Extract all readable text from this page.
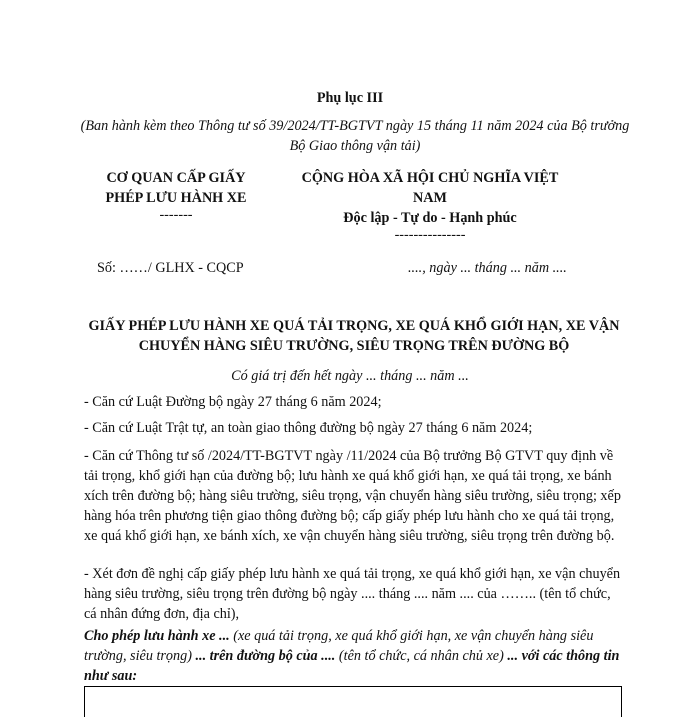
Phụ lục III
(Ban hành kèm theo Thông tư số 39/2024/TT-BGTVT ngày 15 tháng 11 năm 2024 của Bộ trưởng Bộ Giao thông vận tải)
CƠ QUAN CẤP GIẤY
PHÉP LƯU HÀNH XE
-------
CỘNG HÒA XÃ HỘI CHỦ NGHĨA VIỆT
NAM
Độc lập - Tự do - Hạnh phúc
---------------
Số: ……/ GLHX - CQCP	...., ngày ... tháng ... năm ....
GIẤY PHÉP LƯU HÀNH XE QUÁ TẢI TRỌNG, XE QUÁ KHỔ GIỚI HẠN, XE VẬN CHUYỂN HÀNG SIÊU TRƯỜNG, SIÊU TRỌNG TRÊN ĐƯỜNG BỘ
Có giá trị đến hết ngày ... tháng ... năm ...
- Căn cứ Luật Đường bộ ngày 27 tháng 6 năm 2024;
- Căn cứ Luật Trật tự, an toàn giao thông đường bộ ngày 27 tháng 6 năm 2024;
- Căn cứ Thông tư số /2024/TT-BGTVT ngày /11/2024 của Bộ trưởng Bộ GTVT quy định về tải trọng, khổ giới hạn của đường bộ; lưu hành xe quá khổ giới hạn, xe quá tải trọng, xe bánh xích trên đường bộ; hàng siêu trường, siêu trọng, vận chuyển hàng siêu trường, siêu trọng; xếp hàng hóa trên phương tiện giao thông đường bộ; cấp giấy phép lưu hành cho xe quá tải trọng, xe quá khổ giới hạn, xe bánh xích, xe vận chuyển hàng siêu trường, siêu trọng trên đường bộ.
- Xét đơn đề nghị cấp giấy phép lưu hành xe quá tải trọng, xe quá khổ giới hạn, xe vận chuyển hàng siêu trường, siêu trọng trên đường bộ ngày .... tháng .... năm .... của …….. (tên tổ chức, cá nhân đứng đơn, địa chỉ),
Cho phép lưu hành xe ... (xe quá tải trọng, xe quá khổ giới hạn, xe vận chuyển hàng siêu trường, siêu trọng) ... trên đường bộ của .... (tên tổ chức, cá nhân chủ xe) ... với các thông tin như sau:
